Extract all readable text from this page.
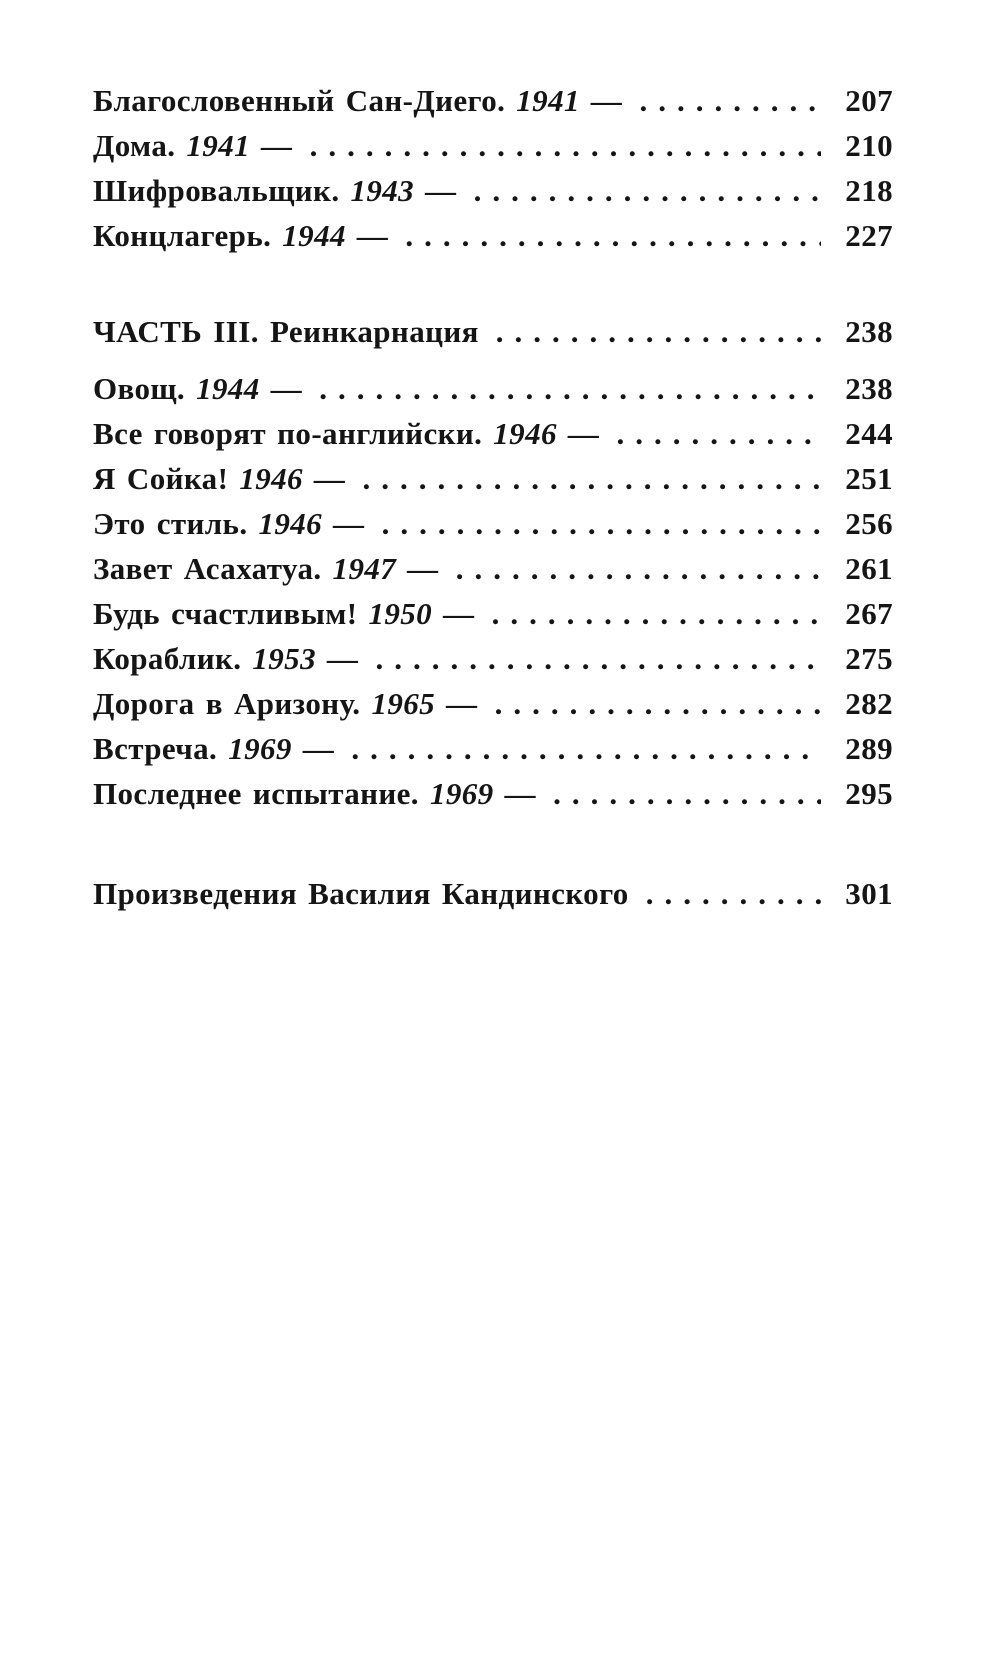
Благословенный Сан-Диего. 1941 — .....	207
Дома. 1941 — .....	210
Шифровальщик. 1943 — .....	218
Концлагерь. 1944 — .....	227
ЧАСТЬ III. Реинкарнация .....	238
Овощ. 1944 — .....	238
Все говорят по-английски. 1946 — .....	244
Я Сойка! 1946 — .....	251
Это стиль. 1946 — .....	256
Завет Асахатуа. 1947 — .....	261
Будь счастливым! 1950 — .....	267
Кораблик. 1953 — .....	275
Дорога в Аризону. 1965 — .....	282
Встреча. 1969 — .....	289
Последнее испытание. 1969 — .....	295
Произведения Василия Кандинского .....	301
